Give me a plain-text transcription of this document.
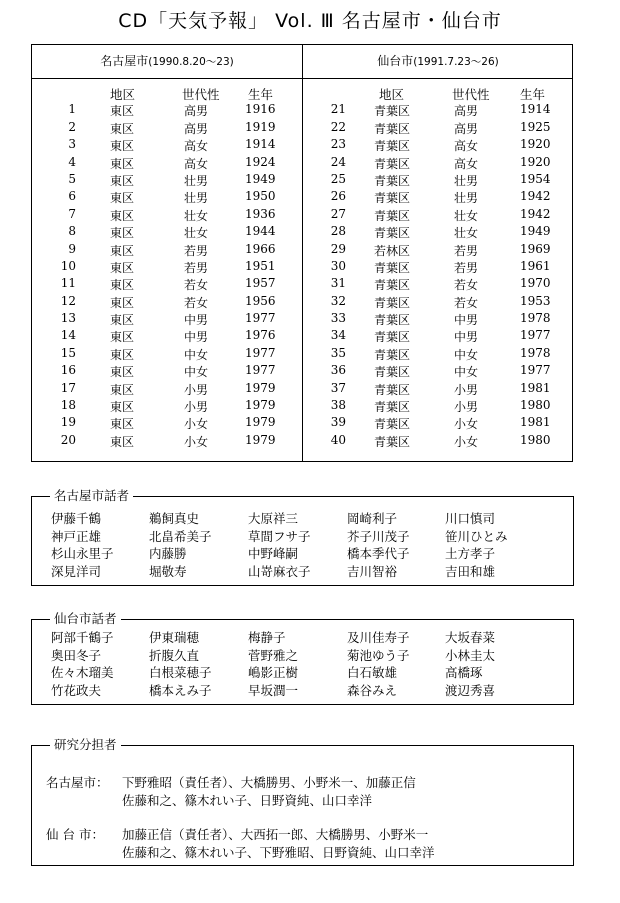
CD「天気予報」 Vol. Ⅲ 名古屋市・仙台市
名古屋市(1990.8.20～23)	仙台市(1991.7.23～26)
地区	世代性 生年
1	東区	高男	1916
2	東区	高男	1919
3	東区	高女	1914
4	東区	高女	1924
5	東区	壮男	1949
6	東区	壮男	1950
7	東区	壮女	1936
8	東区	壮女	1944
9	東区	若男	1966
10	東区	若男	1951
11	東区	若女	1957
12	東区	若女	1956
13	東区	中男	1977
14	東区	中男	1976
15	東区	中女	1977
16	東区	中女	1977
17	東区	小男	1979
18	東区	小男	1979
19	東区	小女	1979
20	東区	小女	1979
地区	世代性 生年
21 青葉区	高男	1914
22 青葉区	高男	1925
23 青葉区	高女	1920
24 青葉区	高女	1920
25 青葉区	壮男	1954
26 青葉区	壮男	1942
27 青葉区	壮女	1942
28 青葉区	壮女	1949
29 若林区	若男	1969
30 青葉区	若男	1961
31 青葉区	若女	1970
32 青葉区	若女	1953
33 青葉区	中男	1978
34 青葉区	中男	1977
35 青葉区	中女	1978
36 青葉区	中女	1977
37 青葉区	小男	1981
38 青葉区	小男	1980
39 青葉区	小女	1981
40 青葉区	小女	1980
名古屋市話者
伊藤千鶴	鵜飼真史	大原祥三	岡崎利子	川口慎司
神戸正雄	北畠希美子	草間フサ子	芥子川茂子	笹川ひとみ
杉山永里子	内藤勝	中野峰嗣	橋本季代子	土方孝子
深見洋司	堀敬寿	山嵜麻衣子	吉川智裕	吉田和雄
仙台市話者
阿部千鶴子	伊東瑞穂	梅静子	及川佳寿子	大坂春菜
奥田冬子	折腹久直	菅野雅之	菊池ゆう子	小林圭太
佐々木瑠美	白根菜穂子	嶋影正樹	白石敏雄	高橋琢
竹花政夫	橋本えみ子	早坂潤一	森谷みえ	渡辺秀喜
研究分担者
名古屋市： 下野雅昭（責任者）、大橋勝男、小野米一、加藤正信
佐藤和之、篠木れい子、日野資純、山口幸洋
仙 台 市： 加藤正信（責任者）、大西拓一郎、大橋勝男、小野米一
佐藤和之、篠木れい子、下野雅昭、日野資純、山口幸洋
